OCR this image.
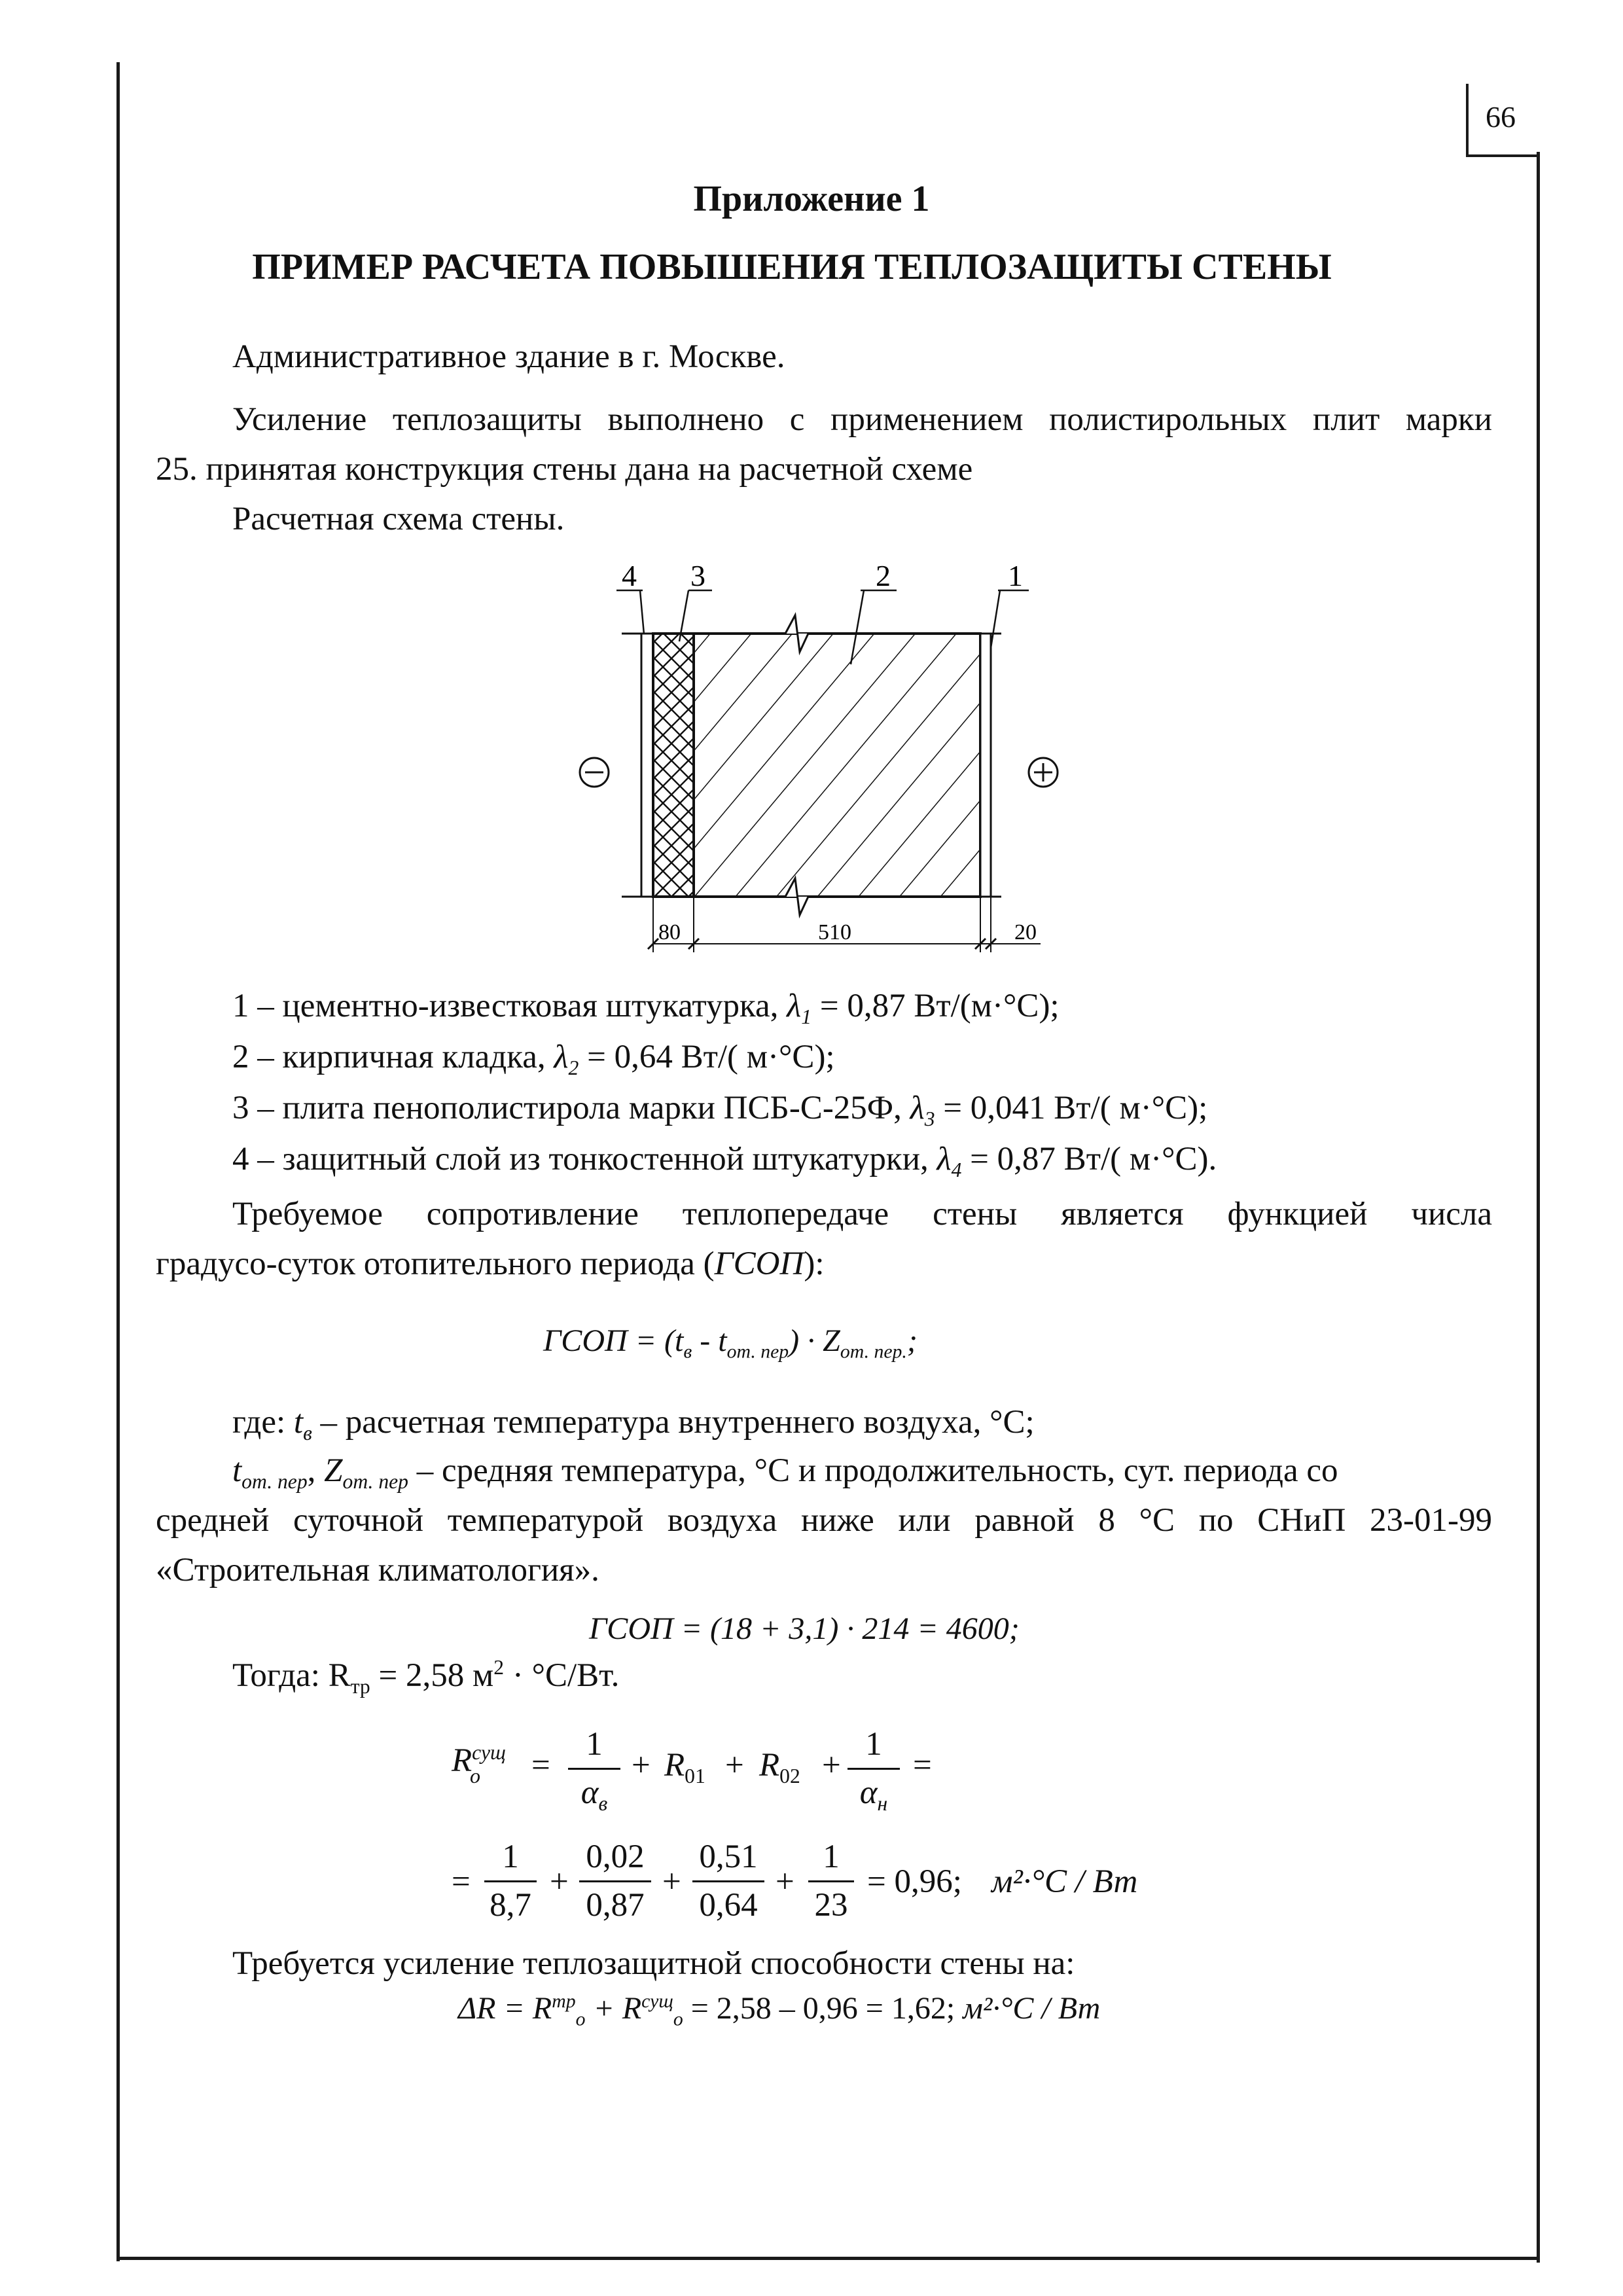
66
Приложение 1
ПРИМЕР РАСЧЕТА ПОВЫШЕНИЯ ТЕПЛОЗАЩИТЫ СТЕНЫ
Административное здание в г. Москве.
Усиление теплозащиты выполнено с применением полистирольных плит марки
25. принятая конструкция стены дана на расчетной схеме
Расчетная схема стены.
4 3	2	1
80	510	20
1 – цементно-известковая штукатурка, $\lambda_1 = 0,87$ Вт/(м·°С);
2 – кирпичная кладка, $\lambda_2 = 0,64$ Вт/( м·°С);
3 – плита пенополистирола марки ПСБ-С-25Ф, $\lambda_3 = 0,041$ Вт/( м·°С);
4 – защитный слой из тонкостенной штукатурки, $\lambda_4 = 0,87$ Вт/( м·°С).
Требуемое сопротивление теплопередаче стены является функцией числа
градусо-суток отопительного периода (ГСОП):
ГСОП = $(t_в - t_{от. пер}) \cdot Z_{от. пер.}$;
где: $t_в$ – расчетная температура внутреннего воздуха, °С;
$t_{от. пер}$, $Z_{от. пер}$ – средняя температура, °С и продолжительность, сут. периода со
средней суточной температурой воздуха ниже или равной 8 °С по СНиП 23-01-99
«Строительная климатология».
ГСОП = (18 + 3,1) · 214 = 4600;
Тогда: $R_{тр} = 2,58$ $м^2 \cdot ^\circ С/Вт$.
$R^{сущ}$
о =
1
$\alpha_в$
+ $R_{01} + R_{02}$ +
1
$\alpha_н$
=
=
1
8,7
+
0,02
0,87
+
0,51
0,64
+
1
23
= 0,96; м²·°С / Вт
Требуется усиление теплозащитной способности стены на:
$\Delta R = R^{тр}_о + R^{сущ}_о = 2,58 - 0,96 = 1,62$; м²·°С / Вт
